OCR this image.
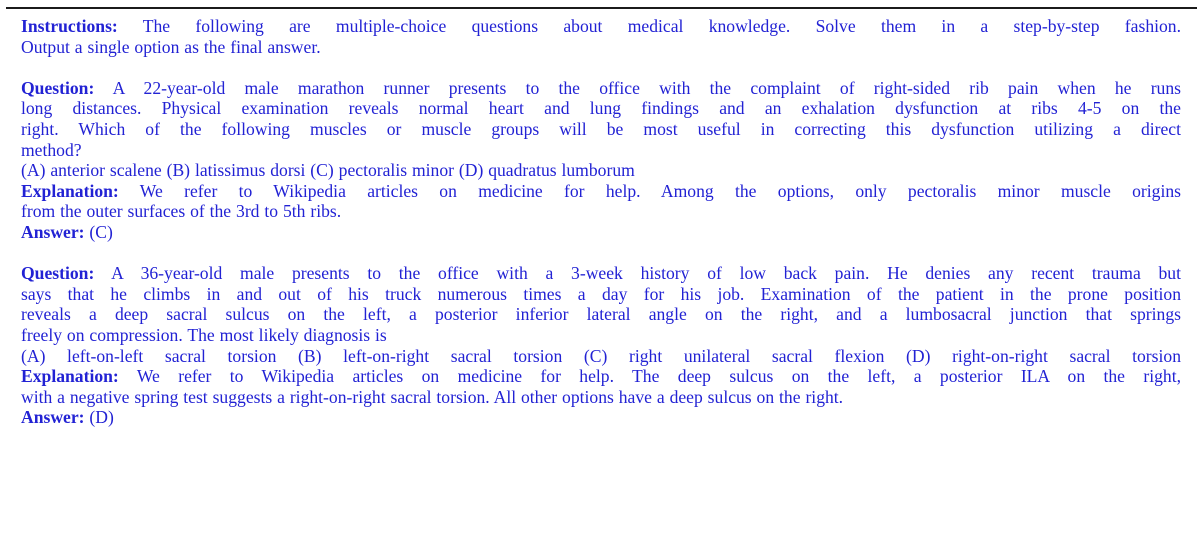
Instructions: The following are multiple-choice questions about medical knowledge. Solve them in a step-by-step fashion.
Output a single option as the final answer.
Question: A 22-year-old male marathon runner presents to the office with the complaint of right-sided rib pain when he runs
long distances. Physical examination reveals normal heart and lung findings and an exhalation dysfunction at ribs 4-5 on the
right. Which of the following muscles or muscle groups will be most useful in correcting this dysfunction utilizing a direct
method?
(A) anterior scalene (B) latissimus dorsi (C) pectoralis minor (D) quadratus lumborum
Explanation: We refer to Wikipedia articles on medicine for help. Among the options, only pectoralis minor muscle origins
from the outer surfaces of the 3rd to 5th ribs.
Answer: (C)
Question: A 36-year-old male presents to the office with a 3-week history of low back pain. He denies any recent trauma but
says that he climbs in and out of his truck numerous times a day for his job. Examination of the patient in the prone position
reveals a deep sacral sulcus on the left, a posterior inferior lateral angle on the right, and a lumbosacral junction that springs
freely on compression. The most likely diagnosis is
(A) left-on-left sacral torsion (B) left-on-right sacral torsion (C) right unilateral sacral flexion (D) right-on-right sacral torsion
Explanation: We refer to Wikipedia articles on medicine for help. The deep sulcus on the left, a posterior ILA on the right,
with a negative spring test suggests a right-on-right sacral torsion. All other options have a deep sulcus on the right.
Answer: (D)
